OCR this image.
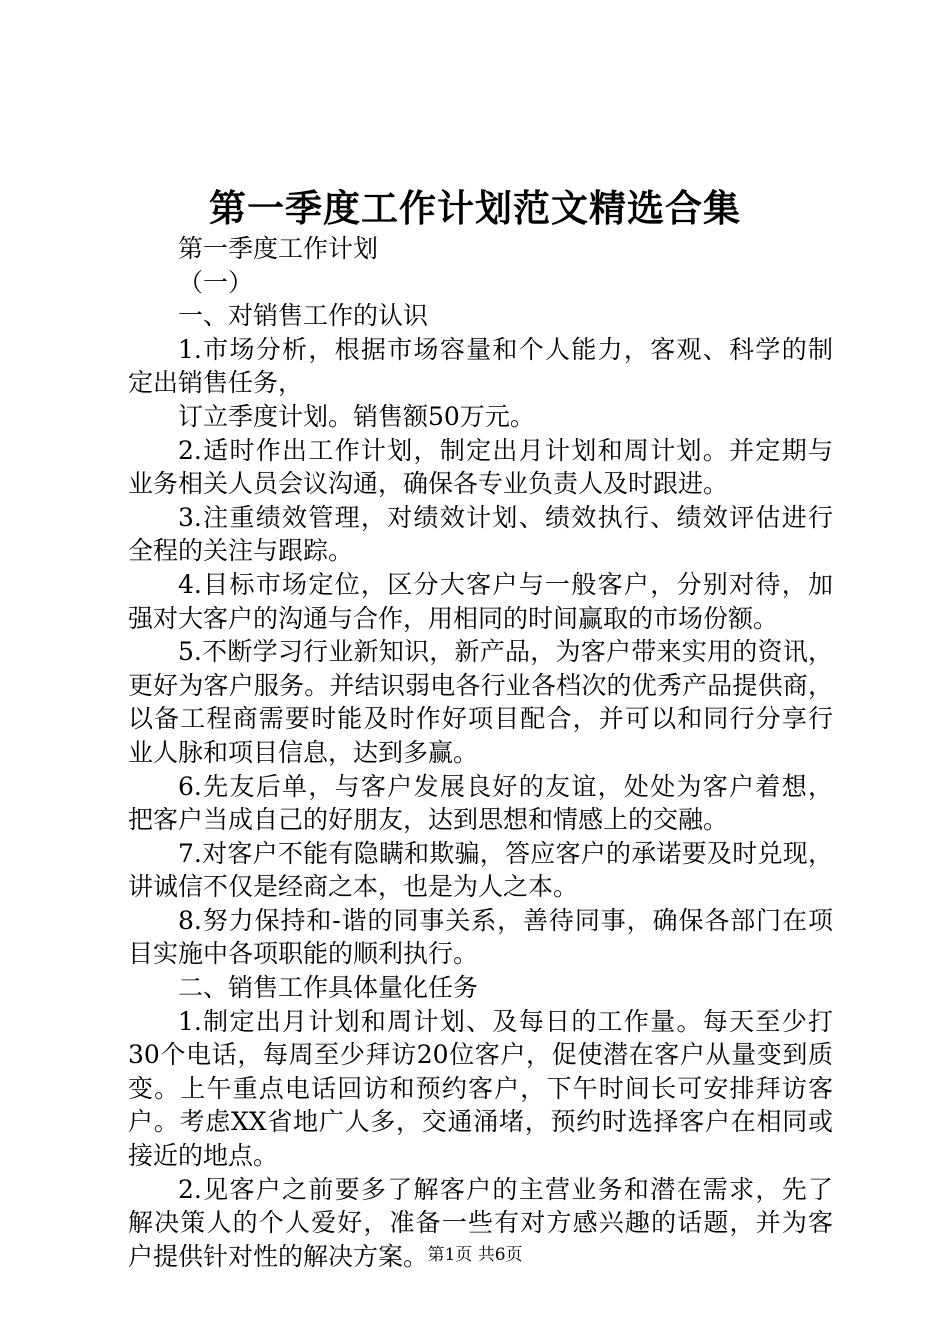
第一季度工作计划范文精选合集
第一季度工作计划
（一）
一、对销售工作的认识
1.市场分析，根据市场容量和个人能力，客观、科学的制
定出销售任务，
订立季度计划。销售额50万元。
2.适时作出工作计划，制定出月计划和周计划。并定期与
业务相关人员会议沟通，确保各专业负责人及时跟进。
3.注重绩效管理，对绩效计划、绩效执行、绩效评估进行
全程的关注与跟踪。
4.目标市场定位，区分大客户与一般客户，分别对待，加
强对大客户的沟通与合作，用相同的时间赢取的市场份额。
5.不断学习行业新知识，新产品，为客户带来实用的资讯，
更好为客户服务。并结识弱电各行业各档次的优秀产品提供商，
以备工程商需要时能及时作好项目配合，并可以和同行分享行
业人脉和项目信息，达到多赢。
6.先友后单，与客户发展良好的友谊，处处为客户着想，
把客户当成自己的好朋友，达到思想和情感上的交融。
7.对客户不能有隐瞒和欺骗，答应客户的承诺要及时兑现，
讲诚信不仅是经商之本，也是为人之本。
8.努力保持和-谐的同事关系，善待同事，确保各部门在项
目实施中各项职能的顺利执行。
二、销售工作具体量化任务
1.制定出月计划和周计划、及每日的工作量。每天至少打
30个电话，每周至少拜访20位客户，促使潜在客户从量变到质
变。上午重点电话回访和预约客户，下午时间长可安排拜访客
户。考虑XX省地广人多，交通涌堵，预约时选择客户在相同或
接近的地点。
2.见客户之前要多了解客户的主营业务和潜在需求，先了
解决策人的个人爱好，准备一些有对方感兴趣的话题，并为客
户提供针对性的解决方案。 第1页 共6页
